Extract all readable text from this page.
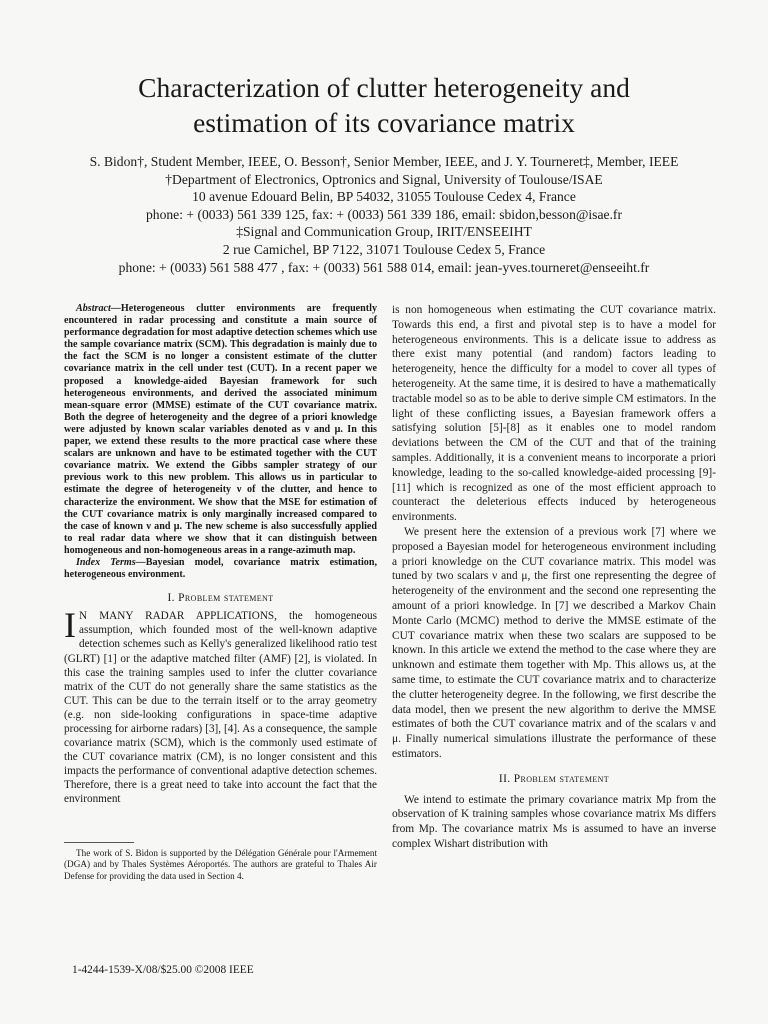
Characterization of clutter heterogeneity and
estimation of its covariance matrix
S. Bidon†, Student Member, IEEE, O. Besson†, Senior Member, IEEE, and J. Y. Tourneret‡, Member, IEEE
†Department of Electronics, Optronics and Signal, University of Toulouse/ISAE
10 avenue Edouard Belin, BP 54032, 31055 Toulouse Cedex 4, France
phone: + (0033) 561 339 125, fax: + (0033) 561 339 186, email: sbidon,besson@isae.fr
‡Signal and Communication Group, IRIT/ENSEEIHT
2 rue Camichel, BP 7122, 31071 Toulouse Cedex 5, France
phone: + (0033) 561 588 477 , fax: + (0033) 561 588 014, email: jean-yves.tourneret@enseeiht.fr

Abstract—Heterogeneous clutter environments are frequently encountered in radar processing and constitute a main source of performance degradation for most adaptive detection schemes which use the sample covariance matrix (SCM). This degradation is mainly due to the fact the SCM is no longer a consistent estimate of the clutter covariance matrix in the cell under test (CUT). In a recent paper we proposed a knowledge-aided Bayesian framework for such heterogeneous environments, and derived the associated minimum mean-square error (MMSE) estimate of the CUT covariance matrix. Both the degree of heterogeneity and the degree of a priori knowledge were adjusted by known scalar variables denoted as ν and μ. In this paper, we extend these results to the more practical case where these scalars are unknown and have to be estimated together with the CUT covariance matrix. We extend the Gibbs sampler strategy of our previous work to this new problem. This allows us in particular to estimate the degree of heterogeneity ν of the clutter, and hence to characterize the environment. We show that the MSE for estimation of the CUT covariance matrix is only marginally increased compared to the case of known ν and μ. The new scheme is also successfully applied to real radar data where we show that it can distinguish between homogeneous and non-homogeneous areas in a range-azimuth map.

Index Terms—Bayesian model, covariance matrix estimation, heterogeneous environment.

I. Problem statement

I N MANY RADAR APPLICATIONS, the homogeneous assumption, which founded most of the well-known adaptive detection schemes such as Kelly's generalized likelihood ratio test (GLRT) [1] or the adaptive matched filter (AMF) [2], is violated. In this case the training samples used to infer the clutter covariance matrix of the CUT do not generally share the same statistics as the CUT. This can be due to the terrain itself or to the array geometry (e.g. non side-looking configurations in space-time adaptive processing for airborne radars) [3], [4]. As a consequence, the sample covariance matrix (SCM), which is the commonly used estimate of the CUT covariance matrix (CM), is no longer consistent and this impacts the performance of conventional adaptive detection schemes. Therefore, there is a great need to take into account the fact that the environment

The work of S. Bidon is supported by the Délégation Générale pour l'Armement (DGA) and by Thales Systèmes Aéroportés. The authors are grateful to Thales Air Defense for providing the data used in Section 4.

is non homogeneous when estimating the CUT covariance matrix. Towards this end, a first and pivotal step is to have a model for heterogeneous environments. This is a delicate issue to address as there exist many potential (and random) factors leading to heterogeneity, hence the difficulty for a model to cover all types of heterogeneity. At the same time, it is desired to have a mathematically tractable model so as to be able to derive simple CM estimators. In the light of these conflicting issues, a Bayesian framework offers a satisfying solution [5]-[8] as it enables one to model random deviations between the CM of the CUT and that of the training samples. Additionally, it is a convenient means to incorporate a priori knowledge, leading to the so-called knowledge-aided processing [9]-[11] which is recognized as one of the most efficient approach to counteract the deleterious effects induced by heterogeneous environments.

We present here the extension of a previous work [7] where we proposed a Bayesian model for heterogeneous environment including a priori knowledge on the CUT covariance matrix. This model was tuned by two scalars ν and μ, the first one representing the degree of heterogeneity of the environment and the second one representing the amount of a priori knowledge. In [7] we described a Markov Chain Monte Carlo (MCMC) method to derive the MMSE estimate of the CUT covariance matrix when these two scalars are supposed to be known. In this article we extend the method to the case where they are unknown and estimate them together with Mp. This allows us, at the same time, to estimate the CUT covariance matrix and to characterize the clutter heterogeneity degree. In the following, we first describe the data model, then we present the new algorithm to derive the MMSE estimates of both the CUT covariance matrix and of the scalars ν and μ. Finally numerical simulations illustrate the performance of these estimators.

II. Problem statement

We intend to estimate the primary covariance matrix Mp from the observation of K training samples whose covariance matrix Ms differs from Mp. The covariance matrix Ms is assumed to have an inverse complex Wishart distribution with

1-4244-1539-X/08/$25.00 ©2008 IEEE
